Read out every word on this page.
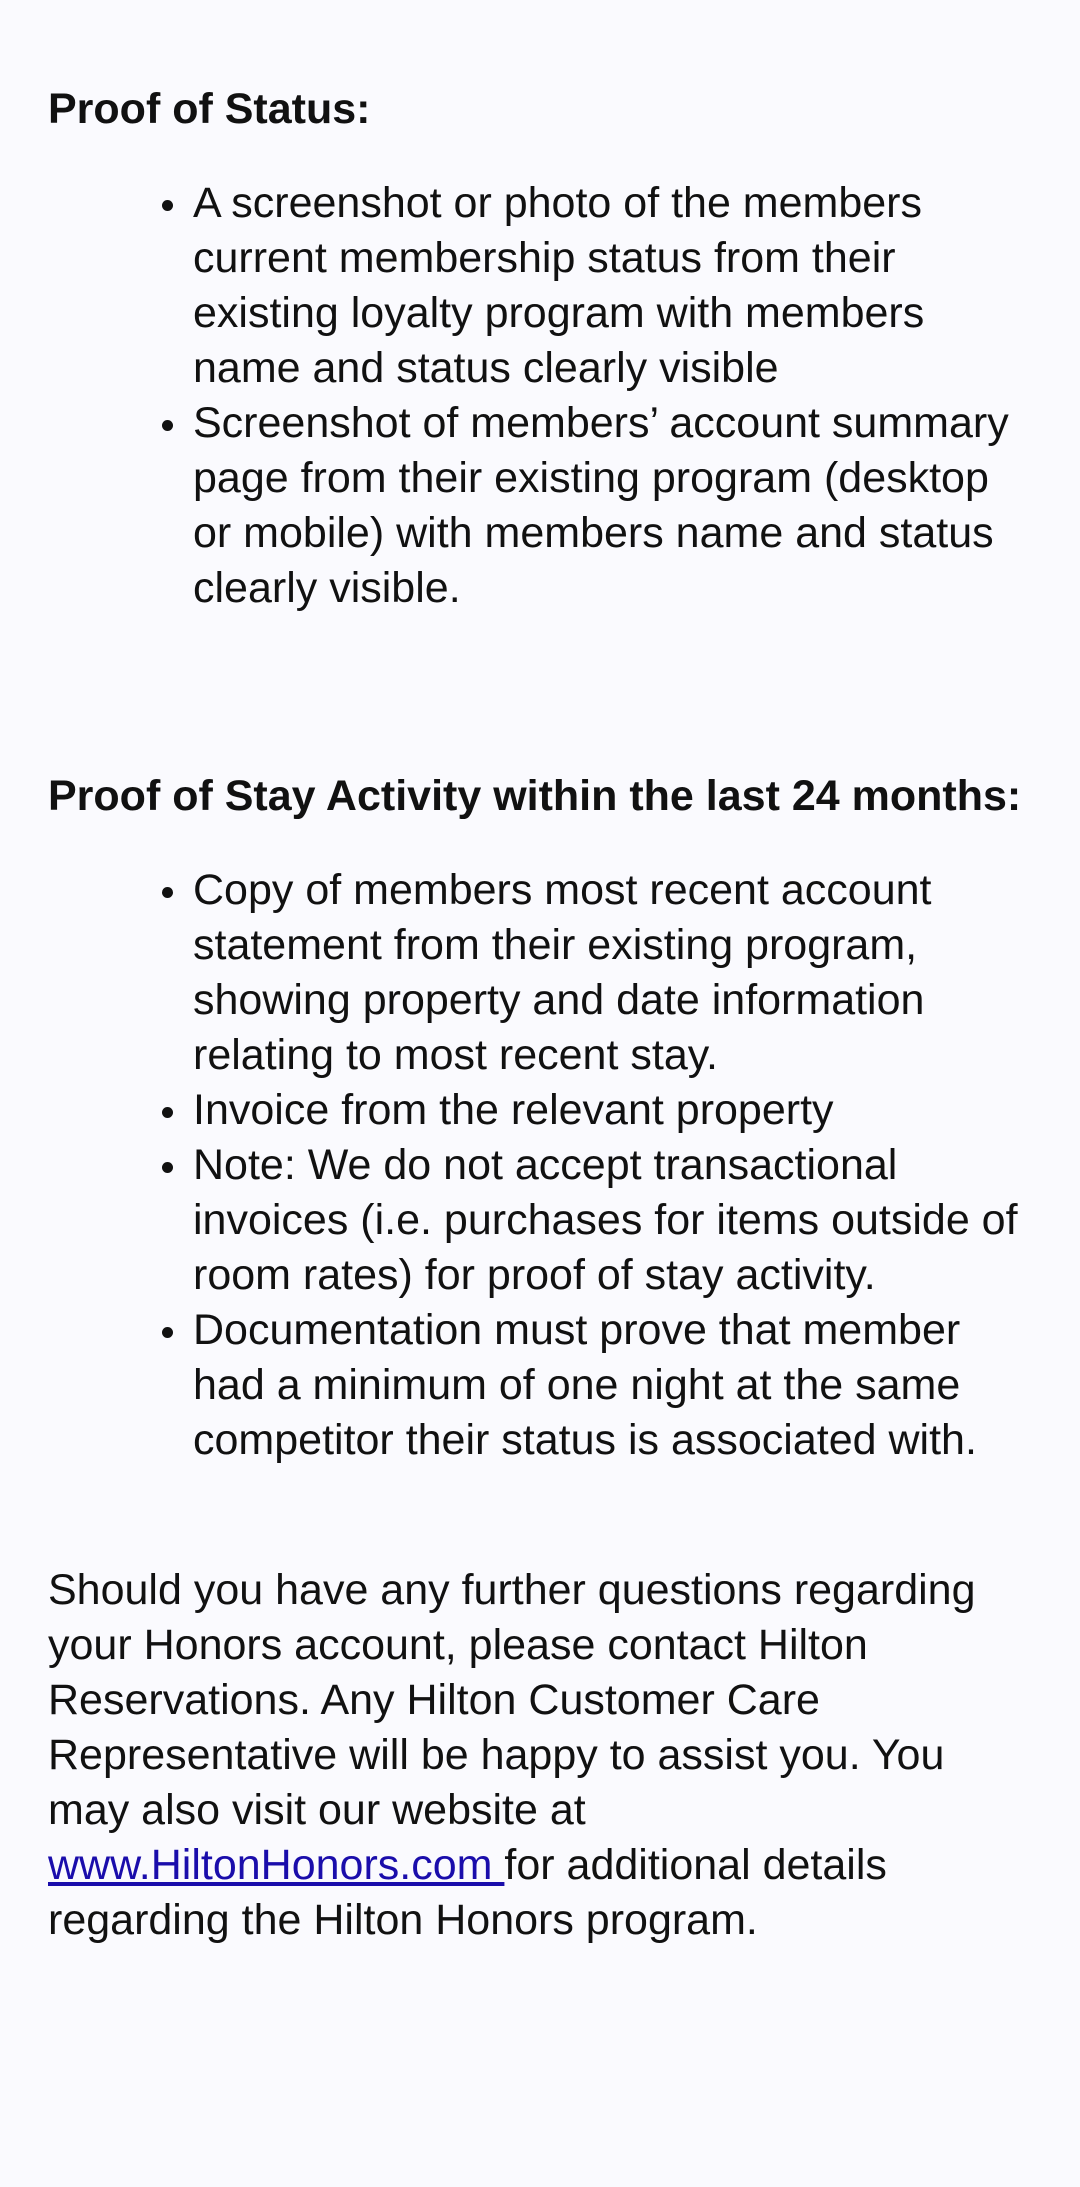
Proof of Status:
A screenshot or photo of the members current membership status from their existing loyalty program with members name and status clearly visible
Screenshot of members’ account summary page from their existing program (desktop or mobile) with members name and status clearly visible.
Proof of Stay Activity within the last 24 months:
Copy of members most recent account statement from their existing program, showing property and date information relating to most recent stay.
Invoice from the relevant property
Note: We do not accept transactional invoices (i.e. purchases for items outside of room rates) for proof of stay activity.
Documentation must prove that member had a minimum of one night at the same competitor their status is associated with.

Should you have any further questions regarding your Honors account, please contact Hilton Reservations. Any Hilton Customer Care Representative will be happy to assist you. You may also visit our website at www.HiltonHonors.com for additional details regarding the Hilton Honors program.
